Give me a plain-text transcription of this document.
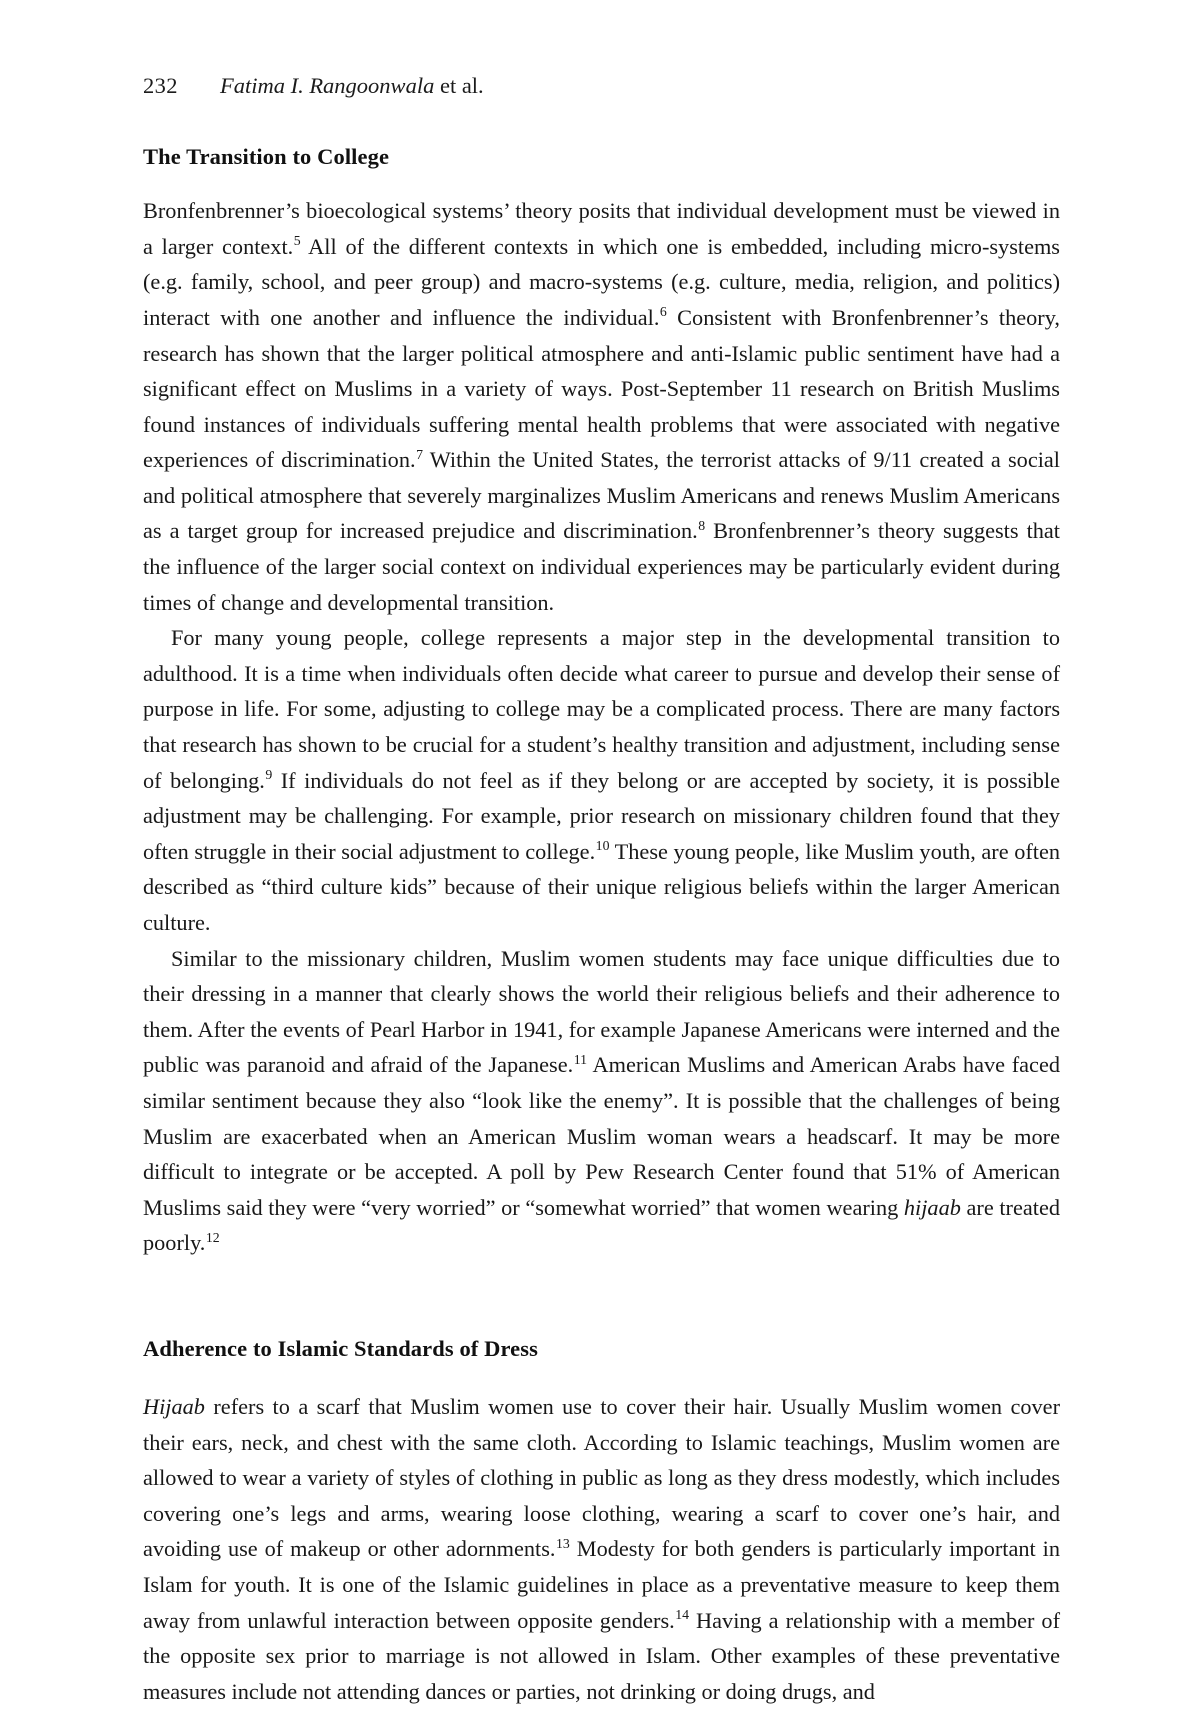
232 Fatima I. Rangoonwala et al.
The Transition to College

Bronfenbrenner’s bioecological systems’ theory posits that individual development must be viewed in a larger context.$^5$ All of the different contexts in which one is embedded, including micro-systems (e.g. family, school, and peer group) and macro-systems (e.g. culture, media, religion, and politics) interact with one another and influence the individual.$^6$ Consistent with Bronfenbrenner’s theory, research has shown that the larger political atmosphere and anti-Islamic public sentiment have had a significant effect on Muslims in a variety of ways. Post-September 11 research on British Muslims found instances of individuals suffering mental health problems that were associated with negative experiences of discrimination.$^7$ Within the United States, the terrorist attacks of 9/11 created a social and political atmosphere that severely marginalizes Muslim Americans and renews Muslim Americans as a target group for increased prejudice and discrimination.$^8$ Bronfenbrenner’s theory suggests that the influence of the larger social context on individual experiences may be particularly evident during times of change and developmental transition.

For many young people, college represents a major step in the developmental transition to adulthood. It is a time when individuals often decide what career to pursue and develop their sense of purpose in life. For some, adjusting to college may be a complicated process. There are many factors that research has shown to be crucial for a student’s healthy transition and adjustment, including sense of belonging.$^9$ If individuals do not feel as if they belong or are accepted by society, it is possible adjustment may be challenging. For example, prior research on missionary children found that they often struggle in their social adjustment to college.$^{10}$ These young people, like Muslim youth, are often described as “third culture kids” because of their unique religious beliefs within the larger American culture.

Similar to the missionary children, Muslim women students may face unique difficulties due to their dressing in a manner that clearly shows the world their religious beliefs and their adherence to them. After the events of Pearl Harbor in 1941, for example Japanese Americans were interned and the public was paranoid and afraid of the Japanese.$^{11}$ American Muslims and American Arabs have faced similar sentiment because they also “look like the enemy”. It is possible that the challenges of being Muslim are exacerbated when an American Muslim woman wears a headscarf. It may be more difficult to integrate or be accepted. A poll by Pew Research Center found that 51% of American Muslims said they were “very worried” or “somewhat worried” that women wearing hijaab are treated poorly.$^{12}$

Adherence to Islamic Standards of Dress

Hijaab refers to a scarf that Muslim women use to cover their hair. Usually Muslim women cover their ears, neck, and chest with the same cloth. According to Islamic teachings, Muslim women are allowed to wear a variety of styles of clothing in public as long as they dress modestly, which includes covering one’s legs and arms, wearing loose clothing, wearing a scarf to cover one’s hair, and avoiding use of makeup or other adornments.$^{13}$ Modesty for both genders is particularly important in Islam for youth. It is one of the Islamic guidelines in place as a preventative measure to keep them away from unlawful interaction between opposite genders.$^{14}$ Having a relationship with a member of the opposite sex prior to marriage is not allowed in Islam. Other examples of these preventative measures include not attending dances or parties, not drinking or doing drugs, and
